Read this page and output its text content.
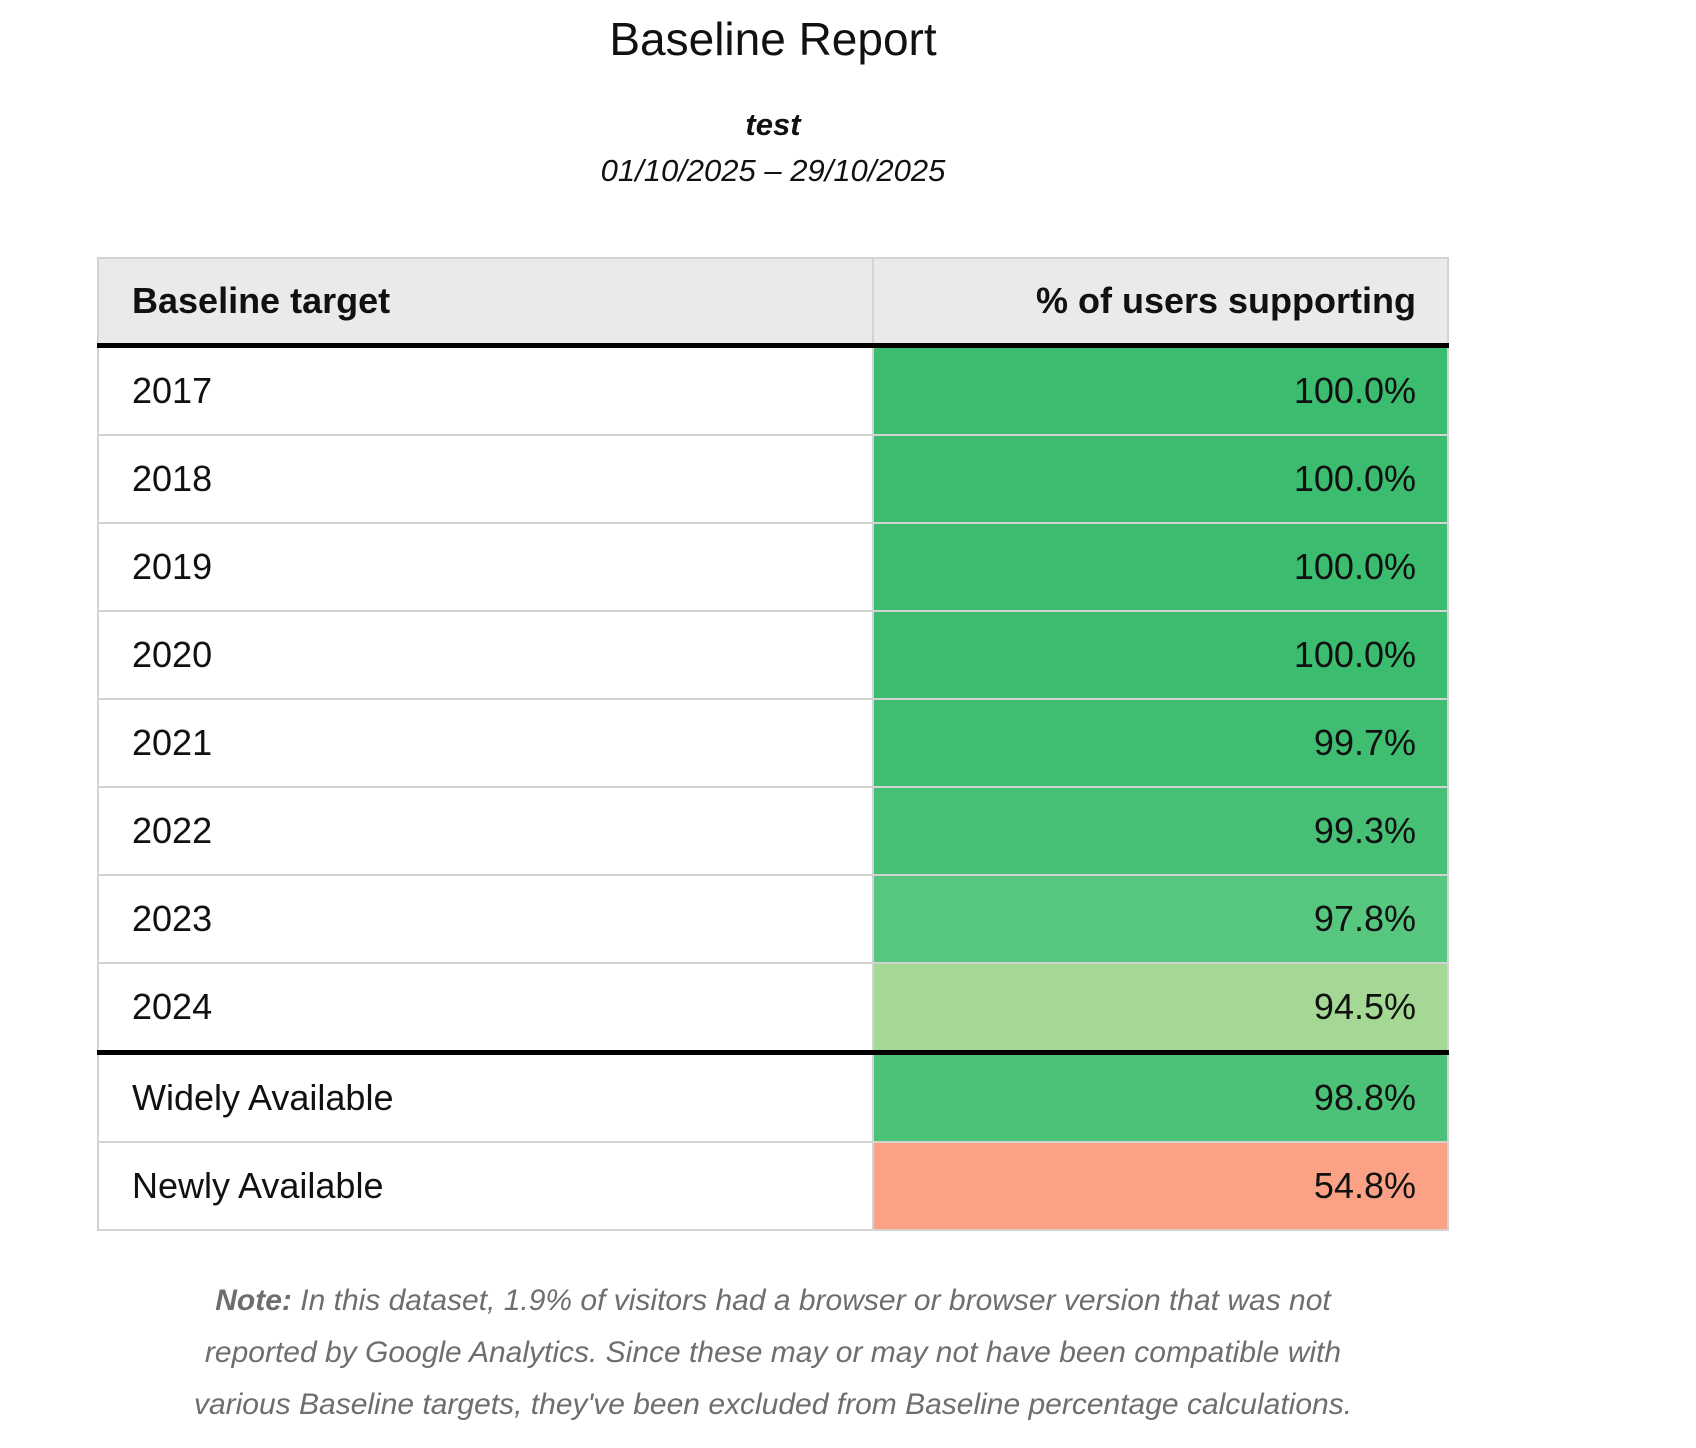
Baseline Report
test
01/10/2025 – 29/10/2025
Baseline target	% of users supporting
2017	100.0%
2018	100.0%
2019	100.0%
2020	100.0%
2021	99.7%
2022	99.3%
2023	97.8%
2024	94.5%
Widely Available	98.8%
Newly Available	54.8%

Note: In this dataset, 1.9% of visitors had a browser or browser version that was not
reported by Google Analytics. Since these may or may not have been compatible with
various Baseline targets, they've been excluded from Baseline percentage calculations.
